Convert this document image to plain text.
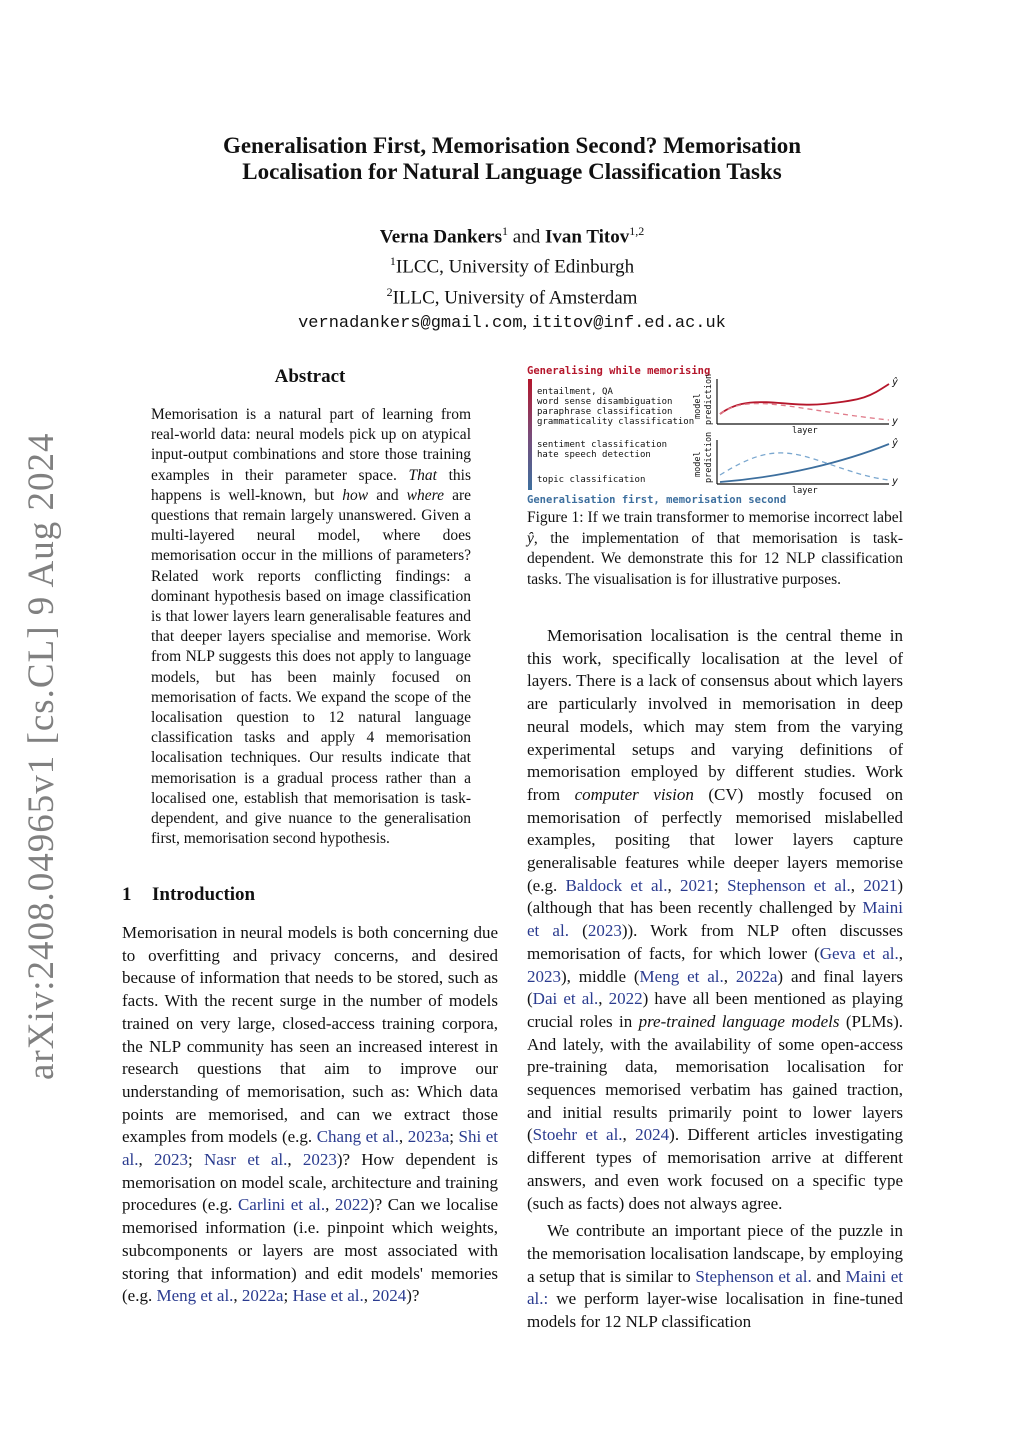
arXiv:2408.04965v1 [cs.CL] 9 Aug 2024
Generalisation First, Memorisation Second? Memorisation
Localisation for Natural Language Classification Tasks
Verna Dankers$^1$ and Ivan Titov$^{1,2}$
$^1$ILCC, University of Edinburgh
$^2$ILLC, University of Amsterdam
vernadankers@gmail.com, ititov@inf.ed.ac.uk
Abstract
Memorisation is a natural part of learning from real-world data: neural models pick up on atypical input-output combinations and store those training examples in their parameter space. That this happens is well-known, but how and where are questions that remain largely unanswered. Given a multi-layered neural model, where does memorisation occur in the millions of parameters? Related work reports conflicting findings: a dominant hypothesis based on image classification is that lower layers learn generalisable features and that deeper layers specialise and memorise. Work from NLP suggests this does not apply to language models, but has been mainly focused on memorisation of facts. We expand the scope of the localisation question to 12 natural language classification tasks and apply 4 memorisation localisation techniques. Our results indicate that memorisation is a gradual process rather than a localised one, establish that memorisation is task-dependent, and give nuance to the generalisation first, memorisation second hypothesis.
1 Introduction
Memorisation in neural models is both concerning due to overfitting and privacy concerns, and desired because of information that needs to be stored, such as facts. With the recent surge in the number of models trained on very large, closed-access training corpora, the NLP community has seen an increased interest in research questions that aim to improve our understanding of memorisation, such as: Which data points are memorised, and can we extract those examples from models (e.g. Chang et al., 2023a; Shi et al., 2023; Nasr et al., 2023)? How dependent is memorisation on model scale, architecture and training procedures (e.g. Carlini et al., 2022)? Can we localise memorised information (i.e. pinpoint which weights, subcomponents or layers are most associated with storing that information) and edit models' memories (e.g. Meng et al., 2022a; Hase et al., 2024)?
Generalising while memorising
entailment, QA
word sense disambiguation
paraphrase classification
grammaticality classification
sentiment classification
hate speech detection
topic classification
model prediction	ŷ
y
layer
model prediction	ŷ
y
layer
Generalisation first, memorisation second
Figure 1: If we train transformer to memorise incorrect label ŷ, the implementation of that memorisation is task-dependent. We demonstrate this for 12 NLP classification tasks. The visualisation is for illustrative purposes.

Memorisation localisation is the central theme in this work, specifically localisation at the level of layers. There is a lack of consensus about which layers are particularly involved in memorisation in deep neural models, which may stem from the varying experimental setups and varying definitions of memorisation employed by different studies. Work from computer vision (CV) mostly focused on memorisation of perfectly memorised mislabelled examples, positing that lower layers capture generalisable features while deeper layers memorise (e.g. Baldock et al., 2021; Stephenson et al., 2021) (although that has been recently challenged by Maini et al. (2023)). Work from NLP often discusses memorisation of facts, for which lower (Geva et al., 2023), middle (Meng et al., 2022a) and final layers (Dai et al., 2022) have all been mentioned as playing crucial roles in pre-trained language models (PLMs). And lately, with the availability of some open-access pre-training data, memorisation localisation for sequences memorised verbatim has gained traction, and initial results primarily point to lower layers (Stoehr et al., 2024). Different articles investigating different types of memorisation arrive at different answers, and even work focused on a specific type (such as facts) does not always agree.

We contribute an important piece of the puzzle in the memorisation localisation landscape, by employing a setup that is similar to Stephenson et al. and Maini et al.: we perform layer-wise localisation in fine-tuned models for 12 NLP classification
